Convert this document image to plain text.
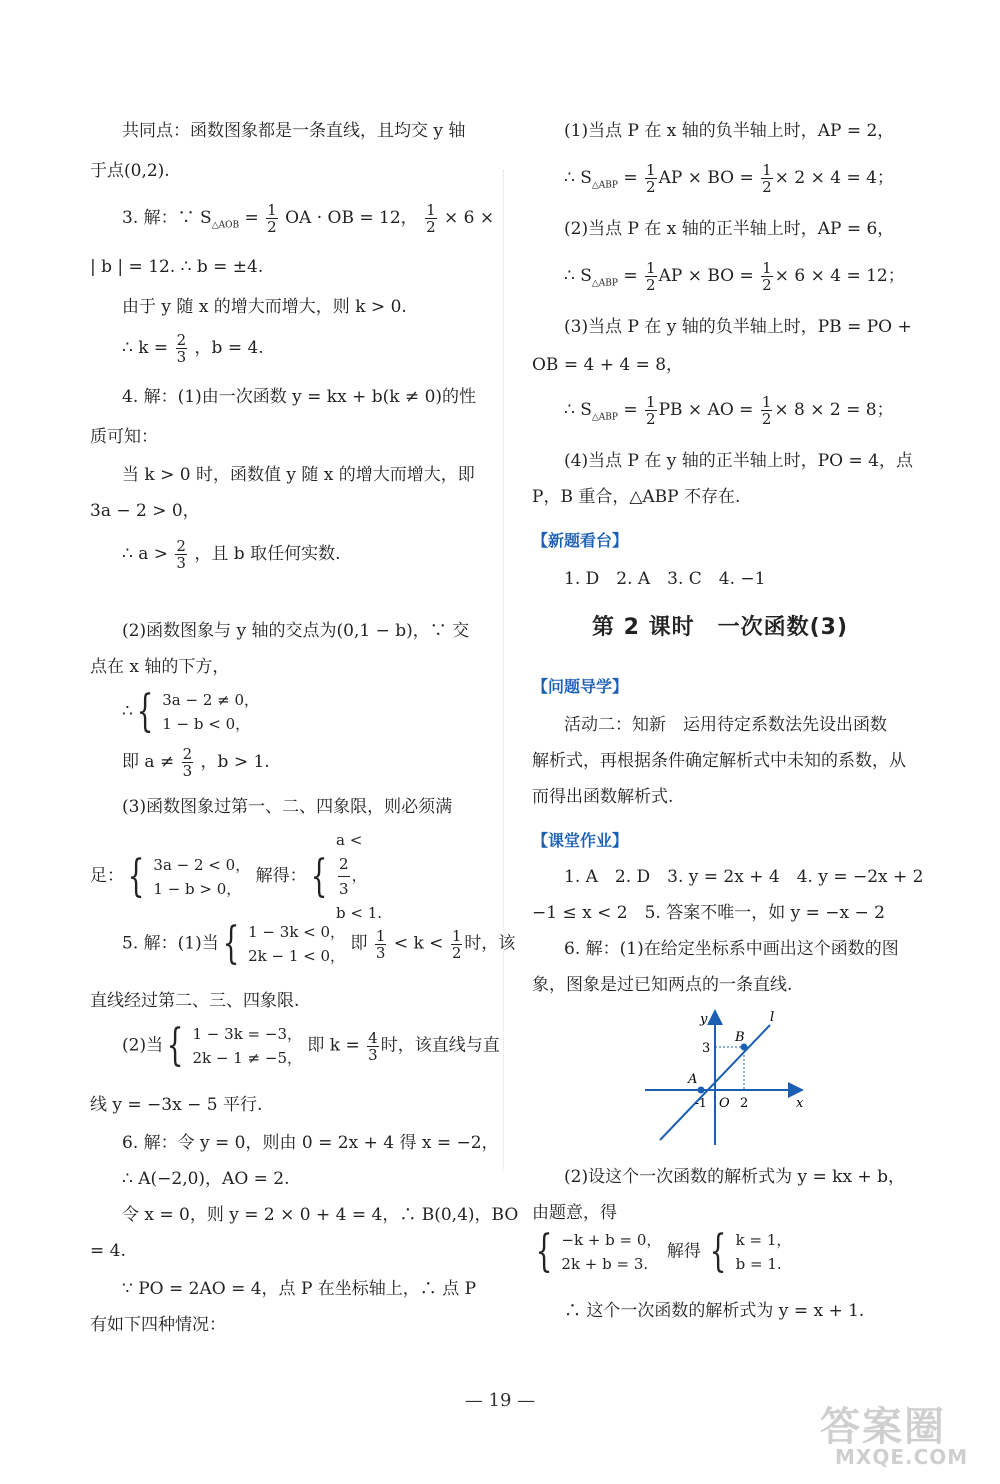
共同点：函数图象都是一条直线，且均交 y 轴
于点(0,2).
3. 解：∵ $S_{\triangle AOB} = \frac{1}{2}$ OA · OB = 12， $\frac{1}{2} \times 6$ ×
| b | = 12. ∴ b = ±4.
由于 y 随 x 的增大而增大，则 k > 0.
∴ $k = \frac{2}{3}$ ，b = 4.
4. 解：(1)由一次函数 y = kx + b(k ≠ 0)的性
质可知：
当 k > 0 时，函数值 y 随 x 的增大而增大，即
3a − 2 > 0，
∴ $a > \frac{2}{3}$ ，且 b 取任何实数.
(2)函数图象与 y 轴的交点为(0,1 − b)，∵ 交
点在 x 轴的下方，
∴{ 3a − 2 ≠ 0，
1 − b < 0，
即 $a \ne \frac{2}{3}$ ，b > 1.
(3)函数图象过第一、二、四象限，则必须满
足：{ 3a − 2 < 0，
1 − b > 0，
解得：{
a <
$\frac{2}{3}$ ，
b < 1.
5. 解：(1)当{ 1 − 3k < 0，
2k − 1 < 0，
即 $\frac{1}{3} < k < \frac{1}{2}$ 时，该
直线经过第二、三、四象限.
(2)当{ 1 − 3k = −3，
2k − 1 ≠ −5，
即 $k = \frac{4}{3}$ 时，该直线与直
线 y = −3x − 5 平行.
6. 解：令 y = 0，则由 0 = 2x + 4 得 x = −2，
∴ A(−2,0)，AO = 2.
令 x = 0，则 y = 2 × 0 + 4 = 4，∴ B(0,4)，BO
= 4.
∵ PO = 2AO = 4，点 P 在坐标轴上，∴ 点 P
有如下四种情况：
(1)当点 P 在 x 轴的负半轴上时，AP = 2，
∴ $S_{\triangle ABP} = \frac{1}{2}$ AP × BO = $\frac{1}{2} \times 2 \times 4 = 4$；
(2)当点 P 在 x 轴的正半轴上时，AP = 6，
∴ $S_{\triangle ABP} = \frac{1}{2}$ AP × BO = $\frac{1}{2} \times 6 \times 4 = 12$；
(3)当点 P 在 y 轴的负半轴上时，PB = PO +
OB = 4 + 4 = 8，
∴ $S_{\triangle ABP} = \frac{1}{2}$ PB × AO = $\frac{1}{2} \times 8 \times 2 = 8$；
(4)当点 P 在 y 轴的正半轴上时，PO = 4，点
P，B 重合，△ABP 不存在.
【新题看台】
1. D　2. A　3. C　4. −1
第 2 课时　一次函数(3)
【问题导学】
活动二：知新　运用待定系数法先设出函数
解析式，再根据条件确定解析式中未知的系数，从
而得出函数解析式.
【课堂作业】
1. A　2. D　3. y = 2x + 4　4. y = −2x + 2
−1 ≤ x < 2　5. 答案不唯一，如 y = −x − 2
6. 解：(1)在给定坐标系中画出这个函数的图
象，图象是过已知两点的一条直线.
y
x
l
B
A
3
-1 O 2
(2)设这个一次函数的解析式为 y = kx + b，
由题意，得
{ −k + b = 0，
2k + b = 3.
解得 { k = 1，
b = 1.
∴ 这个一次函数的解析式为 y = x + 1.
— 19 —
答案圈
MXQE.COM
